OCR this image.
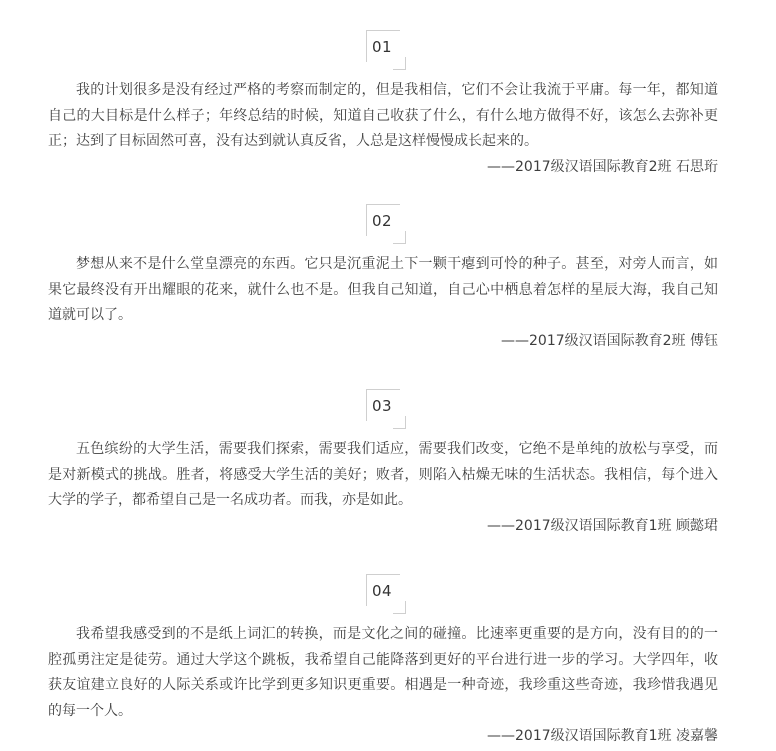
01

我的计划很多是没有经过严格的考察而制定的，但是我相信，它们不会让我流于平庸。每一年，都知道自己的大目标是什么样子；年终总结的时候，知道自己收获了什么，有什么地方做得不好，该怎么去弥补更正；达到了目标固然可喜，没有达到就认真反省，人总是这样慢慢成长起来的。

——2017级汉语国际教育2班 石思珩

02

梦想从来不是什么堂皇漂亮的东西。它只是沉重泥土下一颗干瘪到可怜的种子。甚至，对旁人而言，如果它最终没有开出耀眼的花来，就什么也不是。但我自己知道，自己心中栖息着怎样的星辰大海，我自己知道就可以了。

——2017级汉语国际教育2班 傅钰

03

五色缤纷的大学生活，需要我们探索，需要我们适应，需要我们改变，它绝不是单纯的放松与享受，而是对新模式的挑战。胜者，将感受大学生活的美好；败者，则陷入枯燥无味的生活状态。我相信，每个进入大学的学子，都希望自己是一名成功者。而我，亦是如此。

——2017级汉语国际教育1班 顾懿珺

04

我希望我感受到的不是纸上词汇的转换，而是文化之间的碰撞。比速率更重要的是方向，没有目的的一腔孤勇注定是徒劳。通过大学这个跳板，我希望自己能降落到更好的平台进行进一步的学习。大学四年，收获友谊建立良好的人际关系或许比学到更多知识更重要。相遇是一种奇迹，我珍重这些奇迹，我珍惜我遇见的每一个人。

——2017级汉语国际教育1班 凌嘉馨
